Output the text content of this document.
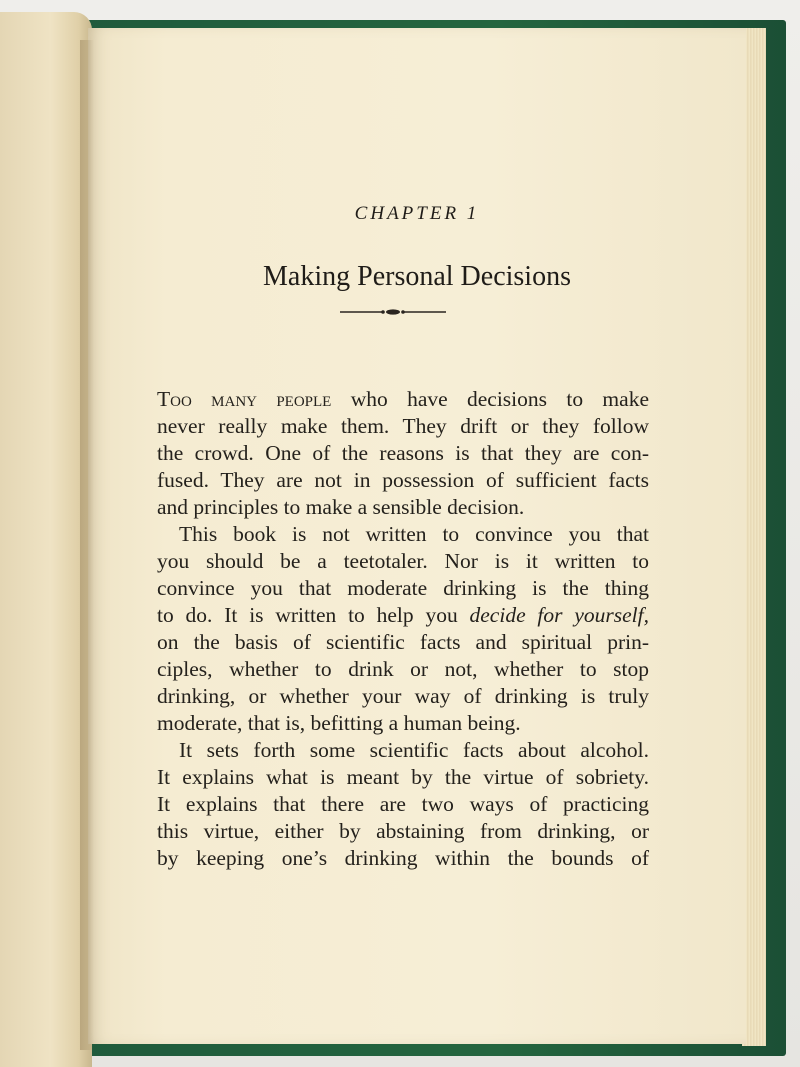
CHAPTER 1
Making Personal Decisions
Too many people who have decisions to make
never really make them. They drift or they follow
the crowd. One of the reasons is that they are con-
fused. They are not in possession of sufficient facts
and principles to make a sensible decision.
This book is not written to convince you that
you should be a teetotaler. Nor is it written to
convince you that moderate drinking is the thing
to do. It is written to help you decide for yourself,
on the basis of scientific facts and spiritual prin-
ciples, whether to drink or not, whether to stop
drinking, or whether your way of drinking is truly
moderate, that is, befitting a human being.
It sets forth some scientific facts about alcohol.
It explains what is meant by the virtue of sobriety.
It explains that there are two ways of practicing
this virtue, either by abstaining from drinking, or
by keeping one’s drinking within the bounds of
